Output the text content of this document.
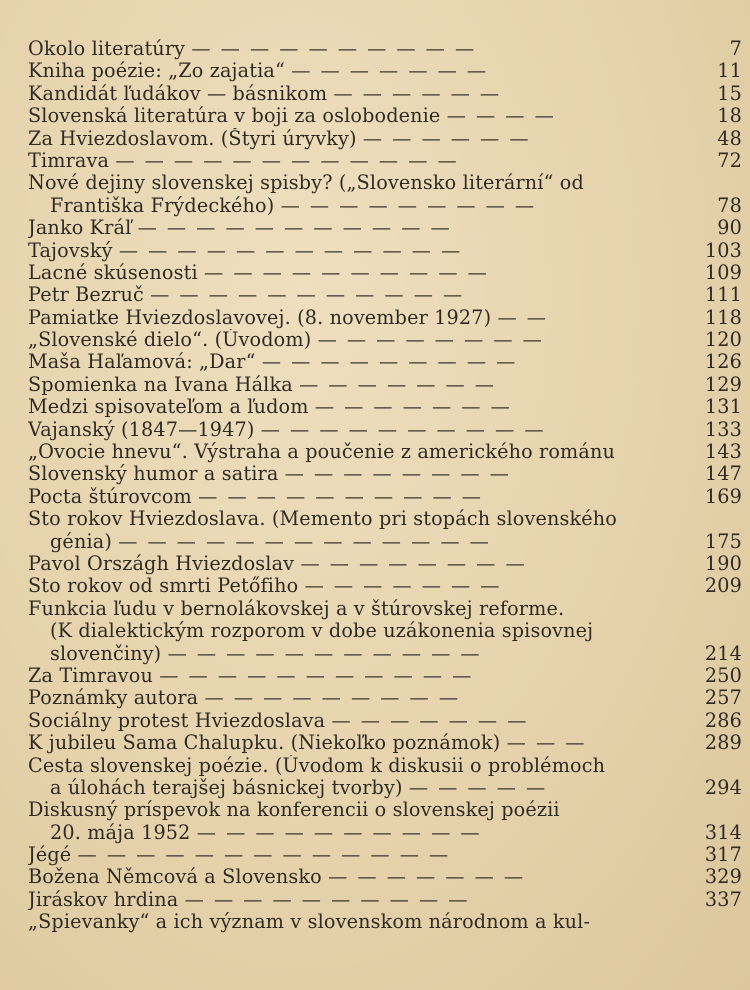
Okolo literatúry — — — — — — — — — —	7
Kniha poézie: „Zo zajatia“ — — — — — — —	11
Kandidát ľudákov — básnikom — — — — — —	15
Slovenská literatúra v boji za oslobodenie — — — —	18
Za Hviezdoslavom. (Štyri úryvky) — — — — — —	48
Timrava — — — — — — — — — — — —	72
Nové dejiny slovenskej spisby? („Slovensko literární“ od
Františka Frýdeckého) — — — — — — — — —	78
Janko Kráľ — — — — — — — — — — —	90
Tajovský — — — — — — — — — — — —	103
Lacné skúsenosti — — — — — — — — — —	109
Petr Bezruč — — — — — — — — — — —	111
Pamiatke Hviezdoslavovej. (8. november 1927) — —	118
„Slovenské dielo“. (Úvodom) — — — — — — — —	120
Maša Haľamová: „Dar“ — — — — — — — — —	126
Spomienka na Ivana Hálka — — — — — — —	129
Medzi spisovateľom a ľudom — — — — — — —	131
Vajanský (1847—1947) — — — — — — — — — —	133
„Ovocie hnevu“. Výstraha a poučenie z amerického románu	143
Slovenský humor a satira — — — — — — — —	147
Pocta štúrovcom — — — — — — — — — —	169
Sto rokov Hviezdoslava. (Memento pri stopách slovenského
génia) — — — — — — — — — — — — —	175
Pavol Országh Hviezdoslav — — — — — — — —	190
Sto rokov od smrti Petőfiho — — — — — — —	209
Funkcia ľudu v bernolákovskej a v štúrovskej reforme.
(K dialektickým rozporom v dobe uzákonenia spisovnej
slovenčiny) — — — — — — — — — — —	214
Za Timravou — — — — — — — — — — —	250
Poznámky autora — — — — — — — — —	257
Sociálny protest Hviezdoslava — — — — — — —	286
K jubileu Sama Chalupku. (Niekoľko poznámok) — — —	289
Cesta slovenskej poézie. (Úvodom k diskusii o problémoch
a úlohách terajšej básnickej tvorby) — — — — —	294
Diskusný príspevok na konferencii o slovenskej poézii
20. mája 1952 — — — — — — — — — —	314
Jégé — — — — — — — — — — — — —	317
Božena Němcová a Slovensko — — — — — — —	329
Jiráskov hrdina — — — — — — — — — —	337
„Spievanky“ a ich význam v slovenskom národnom a kul-
